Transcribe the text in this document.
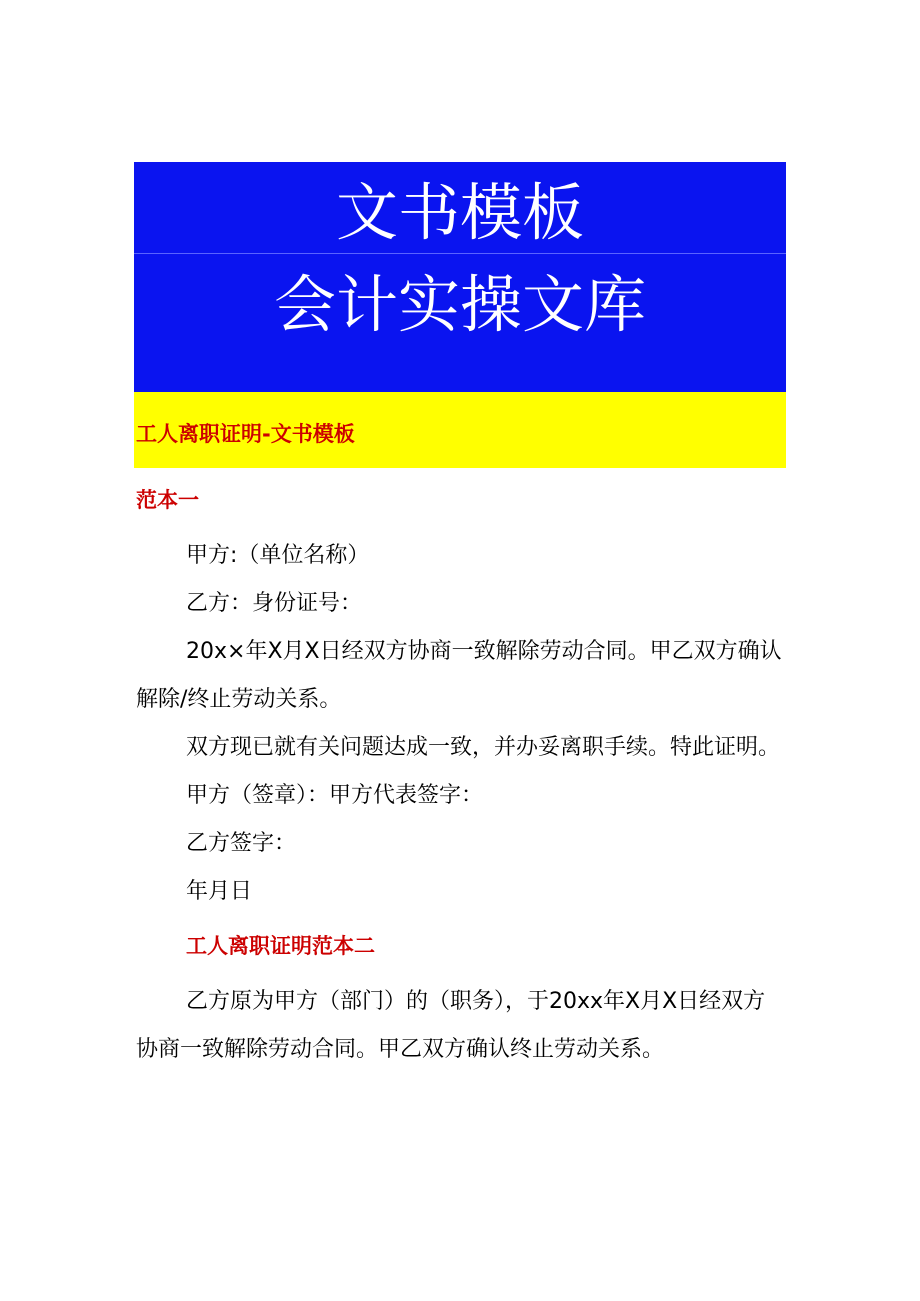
文书模板
会计实操文库
工人离职证明-文书模板
范本一

甲方:（单位名称）

乙方：身份证号：

20x×年X月X日经双方协商一致解除劳动合同。甲乙双方确认解除/终止劳动关系。

双方现已就有关问题达成一致，并办妥离职手续。特此证明。

甲方（签章）：甲方代表签字：

乙方签字：

年月日

工人离职证明范本二

乙方原为甲方（部门）的（职务），于20xx年X月X日经双方协商一致解除劳动合同。甲乙双方确认终止劳动关系。
